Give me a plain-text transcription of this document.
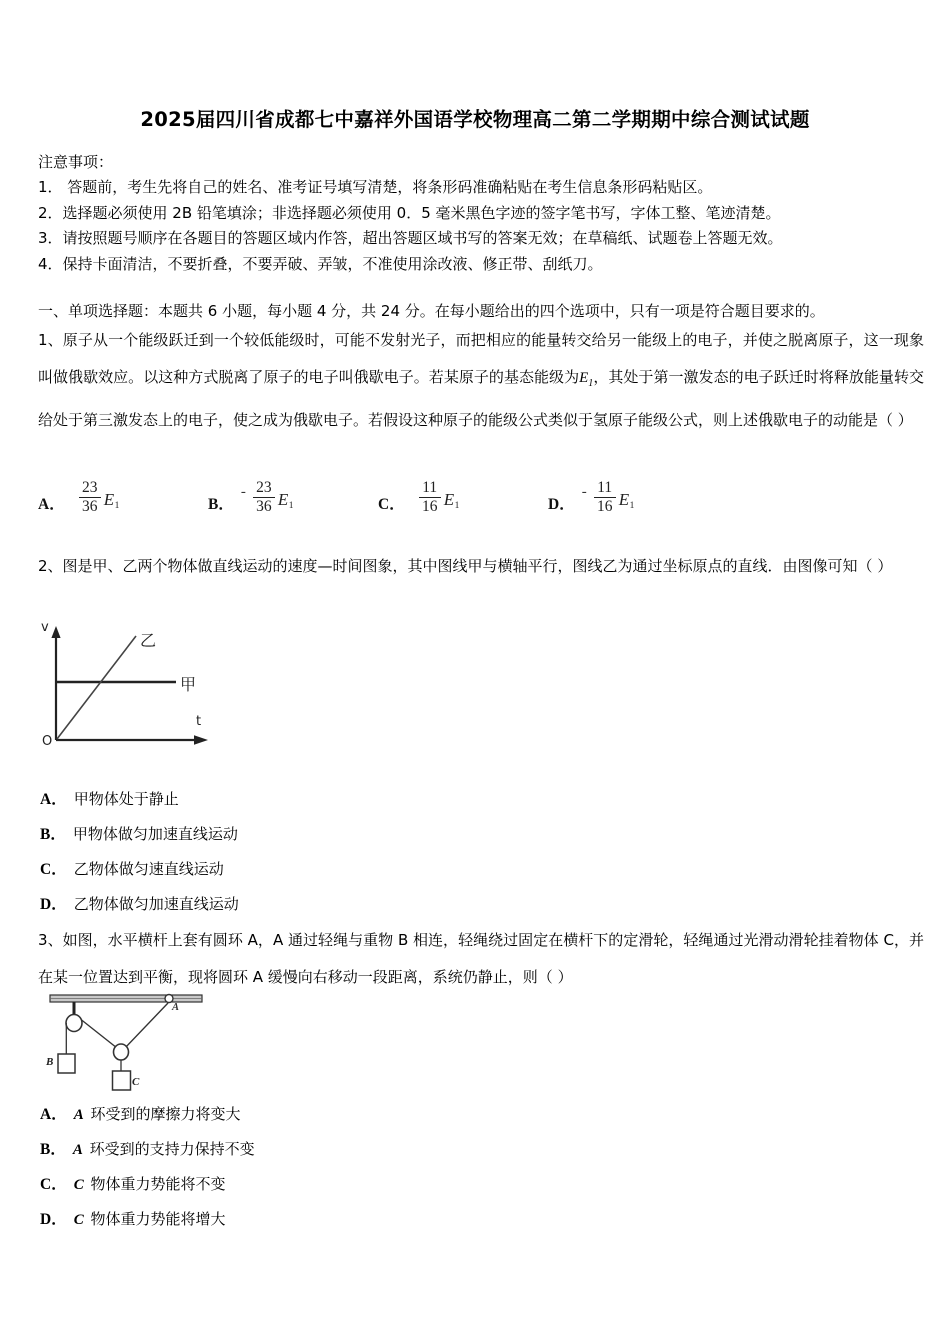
2025届四川省成都七中嘉祥外国语学校物理高二第二学期期中综合测试试题
注意事项：
1． 答题前，考生先将自己的姓名、准考证号填写清楚，将条形码准确粘贴在考生信息条形码粘贴区。
2．选择题必须使用 2B 铅笔填涂；非选择题必须使用 0．5 毫米黑色字迹的签字笔书写，字体工整、笔迹清楚。
3．请按照题号顺序在各题目的答题区域内作答，超出答题区域书写的答案无效；在草稿纸、试题卷上答题无效。
4．保持卡面清洁，不要折叠，不要弄破、弄皱，不准使用涂改液、修正带、刮纸刀。
一、单项选择题：本题共 6 小题，每小题 4 分，共 24 分。在每小题给出的四个选项中，只有一项是符合题目要求的。
1、原子从一个能级跃迁到一个较低能级时，可能不发射光子，而把相应的能量转交给另一能级上的电子，并使之脱离原子，这一现象叫做俄歇效应。以这种方式脱离了原子的电子叫俄歇电子。若某原子的基态能级为$E_1$，其处于第一激发态的电子跃迁时将释放能量转交给处于第三激发态上的电子，使之成为俄歇电子。若假设这种原子的能级公式类似于氢原子能级公式，则上述俄歇电子的动能是（ ）
A． $\frac{23}{36} E_1$	B．
- $\frac{23}{36} E_1$	C． $\frac{11}{16} E_1$	D．
- $\frac{11}{16} E_1$
2、图是甲、乙两个物体做直线运动的速度—时间图象，其中图线甲与横轴平行，图线乙为通过坐标原点的直线．由图像可知（ ）
v
t
O
乙
甲
A． 甲物体处于静止
B． 甲物体做匀加速直线运动
C． 乙物体做匀速直线运动
D． 乙物体做匀加速直线运动
3、如图，水平横杆上套有圆环 A，A 通过轻绳与重物 B 相连，轻绳绕过固定在横杆下的定滑轮，轻绳通过光滑动滑轮挂着物体 C，并在某一位置达到平衡，现将圆环 A 缓慢向右移动一段距离，系统仍静止，则（ ）
A
B
C
A． A 环受到的摩擦力将变大
B． A 环受到的支持力保持不变
C． C 物体重力势能将不变
D． C 物体重力势能将增大
